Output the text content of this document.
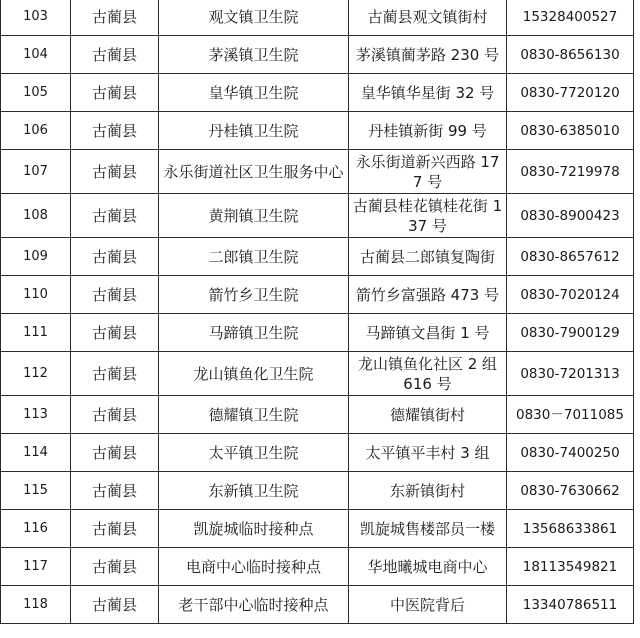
103	古蔺县	观文镇卫生院	古蔺县观文镇街村	15328400527
104	古蔺县	茅溪镇卫生院	茅溪镇蔺茅路 230 号	0830-8656130
105	古蔺县	皇华镇卫生院	皇华镇华星街 32 号	0830-7720120
106	古蔺县	丹桂镇卫生院	丹桂镇新街 99 号	0830-6385010
107	古蔺县	永乐街道社区卫生服务中心	永乐街道新兴西路 177 号	0830-7219978
108	古蔺县	黄荆镇卫生院	古蔺县桂花镇桂花街 137 号	0830-8900423
109	古蔺县	二郎镇卫生院	古蔺县二郎镇复陶街	0830-8657612
110	古蔺县	箭竹乡卫生院	箭竹乡富强路 473 号	0830-7020124
111	古蔺县	马蹄镇卫生院	马蹄镇文昌街 1 号	0830-7900129
112	古蔺县	龙山镇鱼化卫生院	龙山镇鱼化社区 2 组 616 号	0830-7201313
113	古蔺县	德耀镇卫生院	德耀镇街村	0830－7011085
114	古蔺县	太平镇卫生院	太平镇平丰村 3 组	0830-7400250
115	古蔺县	东新镇卫生院	东新镇街村	0830-7630662
116	古蔺县	凯旋城临时接种点	凯旋城售楼部员一楼	13568633861
117	古蔺县	电商中心临时接种点	华地曦城电商中心	18113549821
118	古蔺县	老干部中心临时接种点	中医院背后	13340786511
